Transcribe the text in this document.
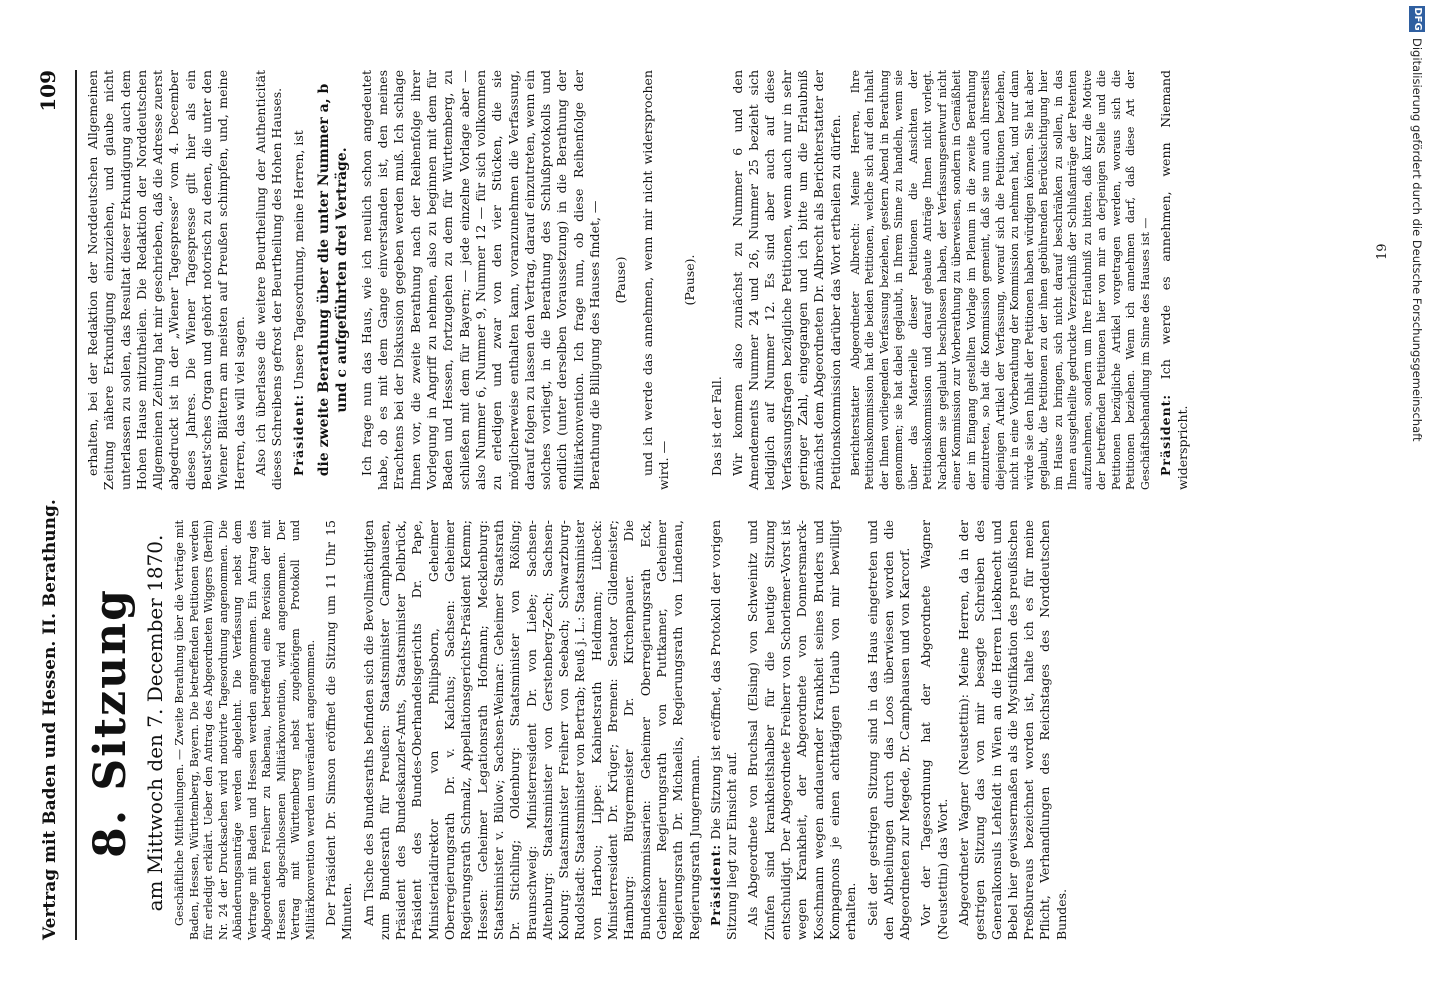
Vertrag mit Baden und Hessen. II. Berathung.
109

8. Sitzung am Mittwoch den 7. December 1870. Geschäftliche Mittheilungen. — Zweite Berathung über die Verträge mit Baden, Hessen, Württemberg, Bayern. Die betreffenden Petitionen werden für erledigt erklärt. Ueber den Antrag des Abgeordneten Wiggers (Berlin) Nr. 24 der Drucksachen wird motivirte Tagesordnung angenommen. Die Abänderungsanträge werden abgelehnt. Die Verfassung nebst dem Vertrage mit Baden und Hessen werden angenommen. Ein Antrag des Abgeordneten Freiherr zu Rabenau, betreffend eine Revision der mit Hessen abgeschlossenen Militärkonvention, wird angenommen. Der Vertrag mit Württemberg nebst zugehörigem Protokoll und Militärkonvention werden unverändert angenommen. Der Präsident Dr. Simson eröffnet die Sitzung um 11 Uhr 15 Minuten. Am Tische des Bundesraths befinden sich die Bevollmächtigten zum Bundesrath für Preußen: Staatsminister Camphausen, Präsident des Bundeskanzler-Amts, Staatsminister Delbrück, Präsident des Bundes-Oberhandelsgerichts Dr. Pape, Ministerialdirektor von Philipsborn, Geheimer Oberregierungsrath Dr. v. Kalchus; Sachsen: Geheimer Regierungsrath Schmalz, Appellationsgerichts-Präsident Klemm; Hessen: Geheimer Legationsrath Hofmann; Mecklenburg: Staatsminister v. Bülow; Sachsen-Weimar: Geheimer Staatsrath Dr. Stichling; Oldenburg: Staatsminister von Rößing; Braunschweig: Ministerresident Dr. von Liebe; Sachsen-Altenburg: Staatsminister von Gerstenberg-Zech; Sachsen-Koburg: Staatsminister Freiherr von Seebach; Schwarzburg-Rudolstadt: Staatsminister von Bertrab; Reuß j. L.: Staatsminister von Harbou; Lippe: Kabinetsrath Heldmann; Lübeck: Ministerresident Dr. Krüger; Bremen: Senator Gildemeister; Hamburg: Bürgermeister Dr. Kirchenpauer. Die Bundeskommissarien: Geheimer Oberregierungsrath Eck, Geheimer Regierungsrath von Puttkamer, Geheimer Regierungsrath Dr. Michaelis, Regierungsrath von Lindenau, Regierungsrath Jungermann. Präsident: Die Sitzung ist eröffnet, das Protokoll der vorigen Sitzung liegt zur Einsicht auf. Als Abgeordnete von Bruchsal (Elsing) von Schweinitz und Zünfen sind krankheitshalber für die heutige Sitzung entschuldigt. Der Abgeordnete Freiherr von Schorlemer-Vorst ist wegen Krankheit, der Abgeordnete von Donnersmarck-Koschmann wegen andauernder Krankheit seines Bruders und Kompagnons je einen achttägigen Urlaub von mir bewilligt erhalten. Seit der gestrigen Sitzung sind in das Haus eingetreten und den Abtheilungen durch das Loos überwiesen worden die Abgeordneten zur Megede, Dr. Camphausen und von Karcorf. Vor der Tagesordnung hat der Abgeordnete Wagner (Neustettin) das Wort. Abgeordneter Wagner (Neustettin): Meine Herren, da in der gestrigen Sitzung das von mir besagte Schreiben des Generalkonsuls Lehfeldt in Wien an die Herren Liebknecht und Bebel hier gewissermaßen als die Mystifikation des preußischen Preßbureaus bezeichnet worden ist, halte ich es für meine Pflicht, Verhandlungen des Reichstages des Norddeutschen Bundes.

erhalten, bei der Redaktion der Norddeutschen Allgemeinen Zeitung nähere Erkundigung einzuziehen, und glaube nicht unterlassen zu sollen, das Resultat dieser Erkundigung auch dem Hohen Hause mitzutheilen. Die Redaktion der Norddeutschen Allgemeinen Zeitung hat mir geschrieben, daß die Adresse zuerst abgedruckt ist in der „Wiener Tagespresse“ vom 4. December dieses Jahres. Die Wiener Tagespresse gilt hier als ein Beust'sches Organ und gehört notorisch zu denen, die unter den Wiener Blättern am meisten auf Preußen schimpfen, und, meine Herren, das will viel sagen. Also ich überlasse die weitere Beurtheilung der Authenticität dieses Schreibens gefrost der Beurtheilung des Hohen Hauses. Präsident: Unsere Tagesordnung, meine Herren, ist die zweite Berathung über die unter Nummer a, b und c aufgeführten drei Verträge. Ich frage nun das Haus, wie ich neulich schon angedeutet habe, ob es mit dem Gange einverstanden ist, den meines Erachtens bei der Diskussion gegeben werden muß. Ich schlage Ihnen vor, die zweite Berathung nach der Reihenfolge ihrer Vorlegung in Angriff zu nehmen, also zu beginnen mit dem für Baden und Hessen, fortzugehen zu dem für Württemberg, zu schließen mit dem für Bayern; — jede einzelne Vorlage aber — also Nummer 6, Nummer 9, Nummer 12 — für sich vollkommen zu erledigen und zwar von den vier Stücken, die sie möglicherweise enthalten kann, voranzunehmen die Verfassung, darauf folgen zu lassen den Vertrag, darauf einzutreten, wenn ein solches vorliegt, in die Berathung des Schlußprotokolls und endlich (unter derselben Voraussetzung) in die Berathung der Militärkonvention. Ich frage nun, ob diese Reihenfolge der Berathung die Billigung des Hauses findet, — (Pause) und ich werde das annehmen, wenn mir nicht widersprochen wird. —

(Pause).

Das ist der Fall. Wir kommen also zunächst zu Nummer 6 und den Amendements Nummer 24 und 26, Nummer 25 bezieht sich lediglich auf Nummer 12. Es sind aber auch auf diese Verfassungsfragen bezügliche Petitionen, wenn auch nur in sehr geringer Zahl, eingegangen und ich bitte um die Erlaubniß zunächst dem Abgeordneten Dr. Albrecht als Berichterstatter der Petitionskommission darüber das Wort ertheilen zu dürfen. Berichterstatter Abgeordneter Albrecht: Meine Herren, Ihre Petitionskommission hat die beiden Petitionen, welche sich auf den Inhalt der Ihnen vorliegenden Verfassung beziehen, gestern Abend in Berathung genommen; sie hat dabei geglaubt, in Ihrem Sinne zu handeln, wenn sie über das Materielle dieser Petitionen die Ansichten der Petitionskommission und darauf gebaute Anträge Ihnen nicht vorlegt. Nachdem sie geglaubt beschlossen haben, der Verfassungsentwurf nicht einer Kommission zur Vorberathung zu überweisen, sondern in Gemäßheit der im Eingang gestellten Vorlage im Plenum in die zweite Berathung einzutreten, so hat die Kommission gemeint, daß sie nun auch ihrerseits diejenigen Artikel der Verfassung, worauf sich die Petitionen beziehen, nicht in eine Vorberathung der Kommission zu nehmen hat, und nur dann würde sie den Inhalt der Petitionen haben würdigen können. Sie hat aber geglaubt, die Petitionen zu der ihnen gebührenden Berücksichtigung hier im Hause zu bringen, sich nicht darauf beschränken zu sollen, in das Ihnen ausgetheilte gedruckte Verzeichniß der Schlußanträge der Petenten aufzunehmen, sondern um Ihre Erlaubniß zu bitten, daß kurz die Motive der betreffenden Petitionen hier von mir an derjenigen Stelle und die Petitionen bezügliche Artikel vorgetragen werden, woraus sich die Petitionen beziehen. Wenn ich annehmen darf, daß diese Art der Geschäftsbehandlung im Sinne des Hauses ist — Präsident: Ich werde es annehmen, wenn Niemand widerspricht.

19
DFG
Digitalisierung gefördert durch die Deutsche Forschungsgemeinschaft
